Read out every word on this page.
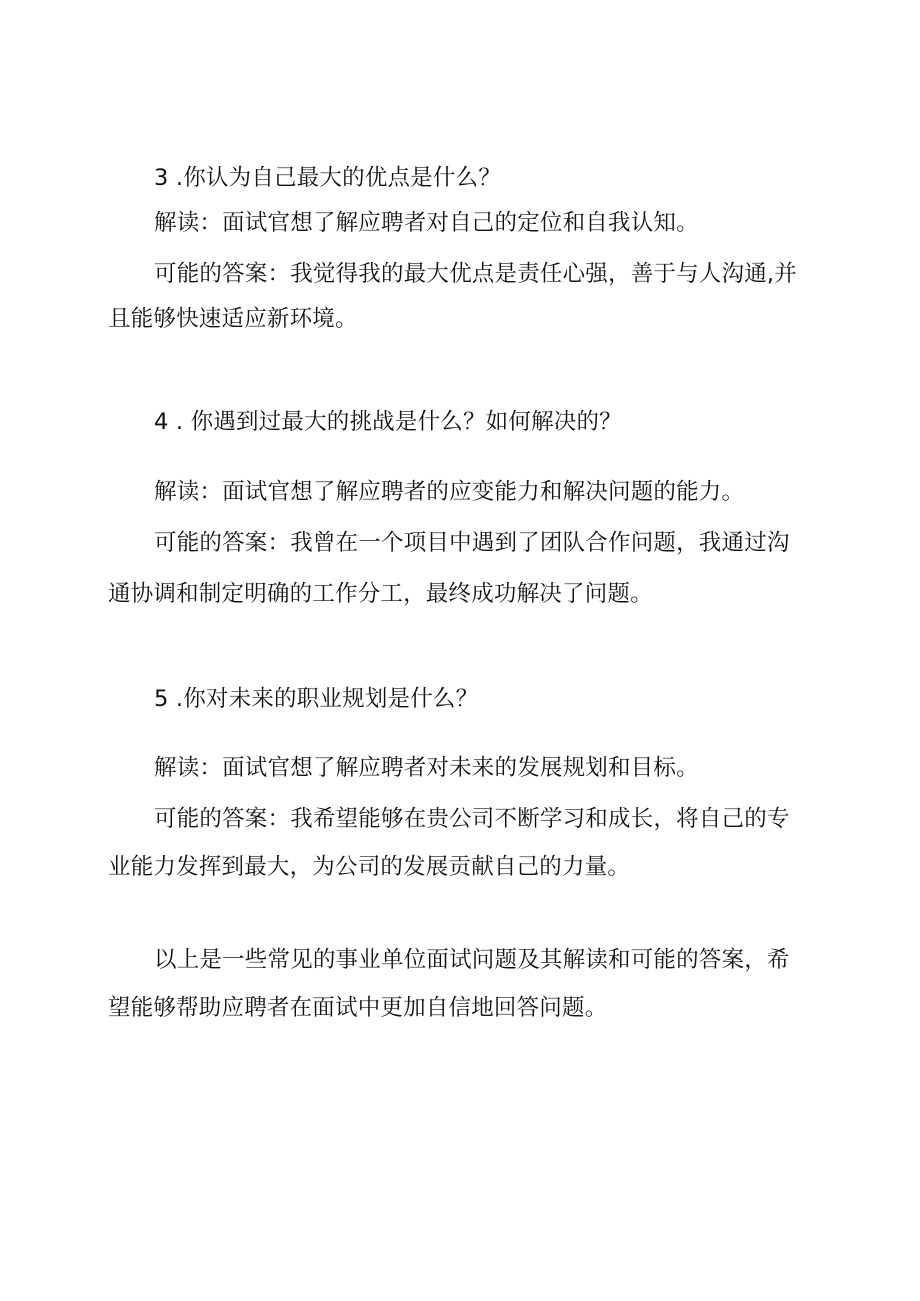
3 .你认为自己最大的优点是什么？
解读：面试官想了解应聘者对自己的定位和自我认知。
可能的答案：我觉得我的最大优点是责任心强，善于与人沟通,并
且能够快速适应新环境。
4 . 你遇到过最大的挑战是什么？如何解决的？
解读：面试官想了解应聘者的应变能力和解决问题的能力。
可能的答案：我曾在一个项目中遇到了团队合作问题，我通过沟
通协调和制定明确的工作分工，最终成功解决了问题。
5 .你对未来的职业规划是什么？
解读：面试官想了解应聘者对未来的发展规划和目标。
可能的答案：我希望能够在贵公司不断学习和成长，将自己的专
业能力发挥到最大，为公司的发展贡献自己的力量。
以上是一些常见的事业单位面试问题及其解读和可能的答案，希
望能够帮助应聘者在面试中更加自信地回答问题。
